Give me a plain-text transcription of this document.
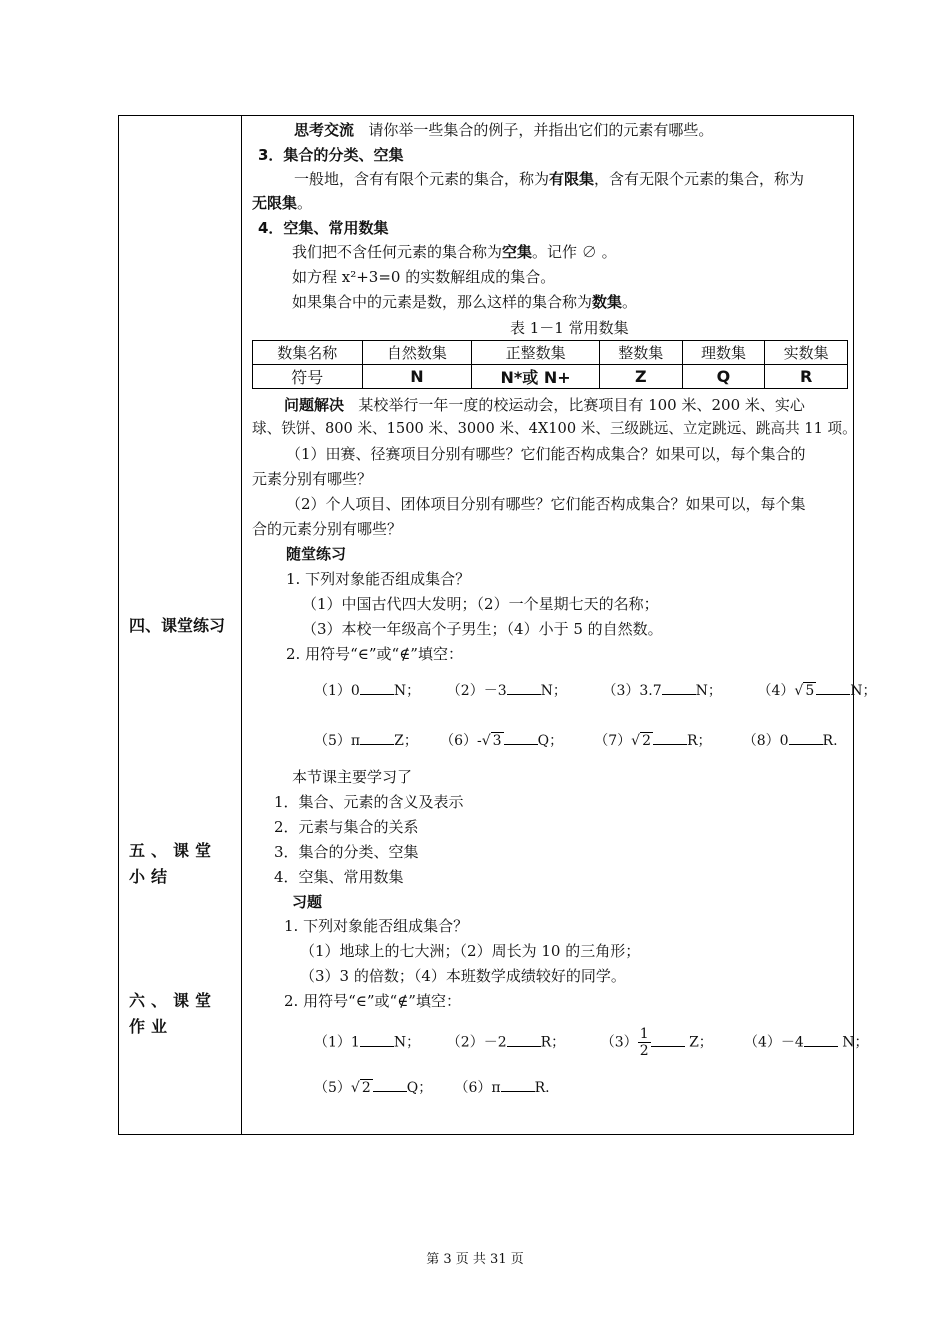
四、课堂练习
五、课堂小结
六、课堂作业
思考交流 请你举一些集合的例子，并指出它们的元素有哪些。
3．集合的分类、空集
一般地，含有有限个元素的集合，称为有限集，含有无限个元素的集合，称为
无限集。
4．空集、常用数集
我们把不含任何元素的集合称为空集。记作 ∅ 。
如方程 x²+3=0 的实数解组成的集合。
如果集合中的元素是数，那么这样的集合称为数集。
表 1－1 常用数集
数集名称	自然数集	正整数集	整数集	理数集	实数集
符号	N	N*或 N+	Z	Q	R
问题解决 某校举行一年一度的校运动会，比赛项目有 100 米、200 米、实心
球、铁饼、800 米、1500 米、3000 米、4X100 米、三级跳远、立定跳远、跳高共 11 项。
（1）田赛、径赛项目分别有哪些？它们能否构成集合？如果可以，每个集合的
元素分别有哪些？
（2）个人项目、团体项目分别有哪些？它们能否构成集合？如果可以，每个集
合的元素分别有哪些？
随堂练习
1. 下列对象能否组成集合？
（1）中国古代四大发明；（2）一个星期七天的名称；
（3）本校一年级高个子男生；（4）小于 5 的自然数。
2. 用符号“∈”或“∉”填空：
（1）0 N； （2）－3 N；	（3）3.7 N；	（4）√ 5	N；
（5）π Z； （6）-√ 3	Q； （7）√ 2	R； （8）0 R.
本节课主要学习了
1．集合、元素的含义及表示
2．元素与集合的关系
3．集合的分类、空集
4．空集、常用数集
习题
1. 下列对象能否组成集合？
（1）地球上的七大洲；（2）周长为 10 的三角形；
（3）3 的倍数；（4）本班数学成绩较好的同学。
2. 用符号“∈”或“∉”填空：
（1）1 N； （2）－2 R；	$(3) \frac{1}{2}$	Z； （4）－4	N；
（5）√ 2	Q； （6）π R.
第 3 页 共 31 页
